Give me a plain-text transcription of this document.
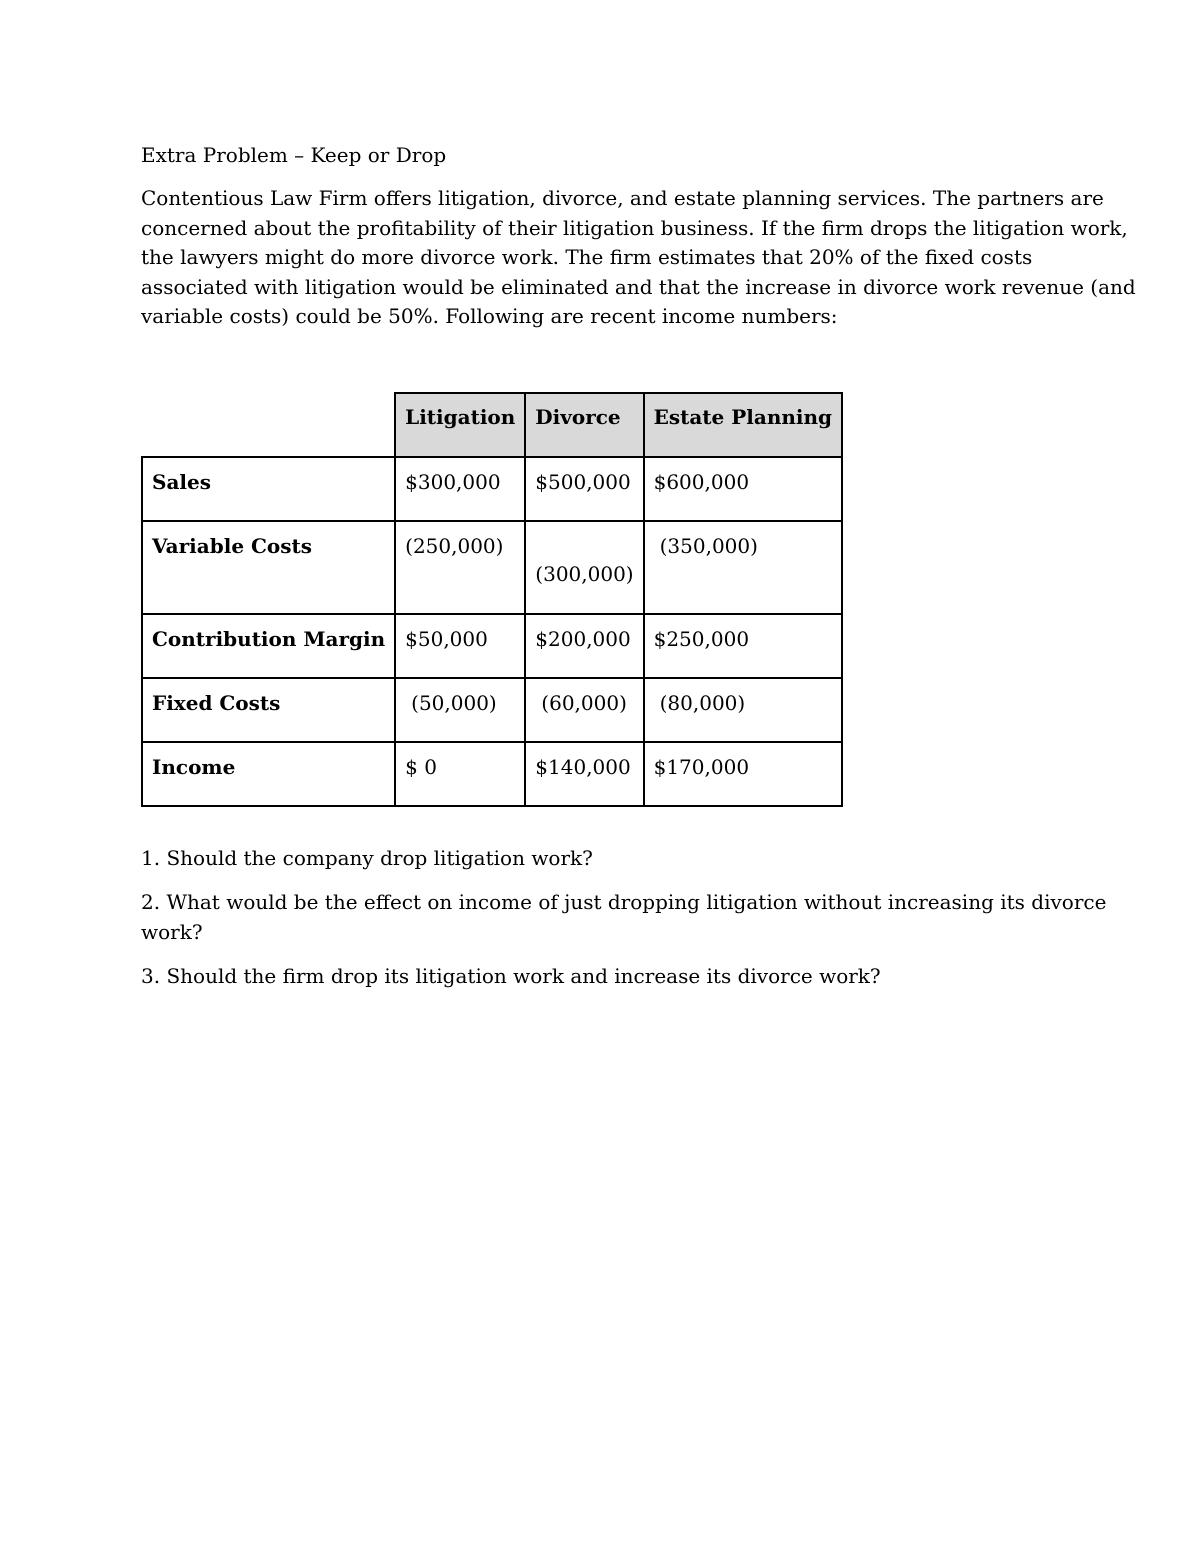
Extra Problem – Keep or Drop

Contentious Law Firm offers litigation, divorce, and estate planning services. The partners are
concerned about the profitability of their litigation business. If the firm drops the litigation work,
the lawyers might do more divorce work. The firm estimates that 20% of the fixed costs
associated with litigation would be eliminated and that the increase in divorce work revenue (and
variable costs) could be 50%. Following are recent income numbers:

	Litigation	Divorce	Estate Planning
Sales	$300,000	$500,000	$600,000
Variable Costs	(250,000)	(300,000)	(350,000)
Contribution Margin	$50,000	$200,000	$250,000
Fixed Costs	(50,000)	(60,000)	(80,000)
Income	$ 0	$140,000	$170,000

1. Should the company drop litigation work?

2. What would be the effect on income of just dropping litigation without increasing its divorce
work?

3. Should the firm drop its litigation work and increase its divorce work?
